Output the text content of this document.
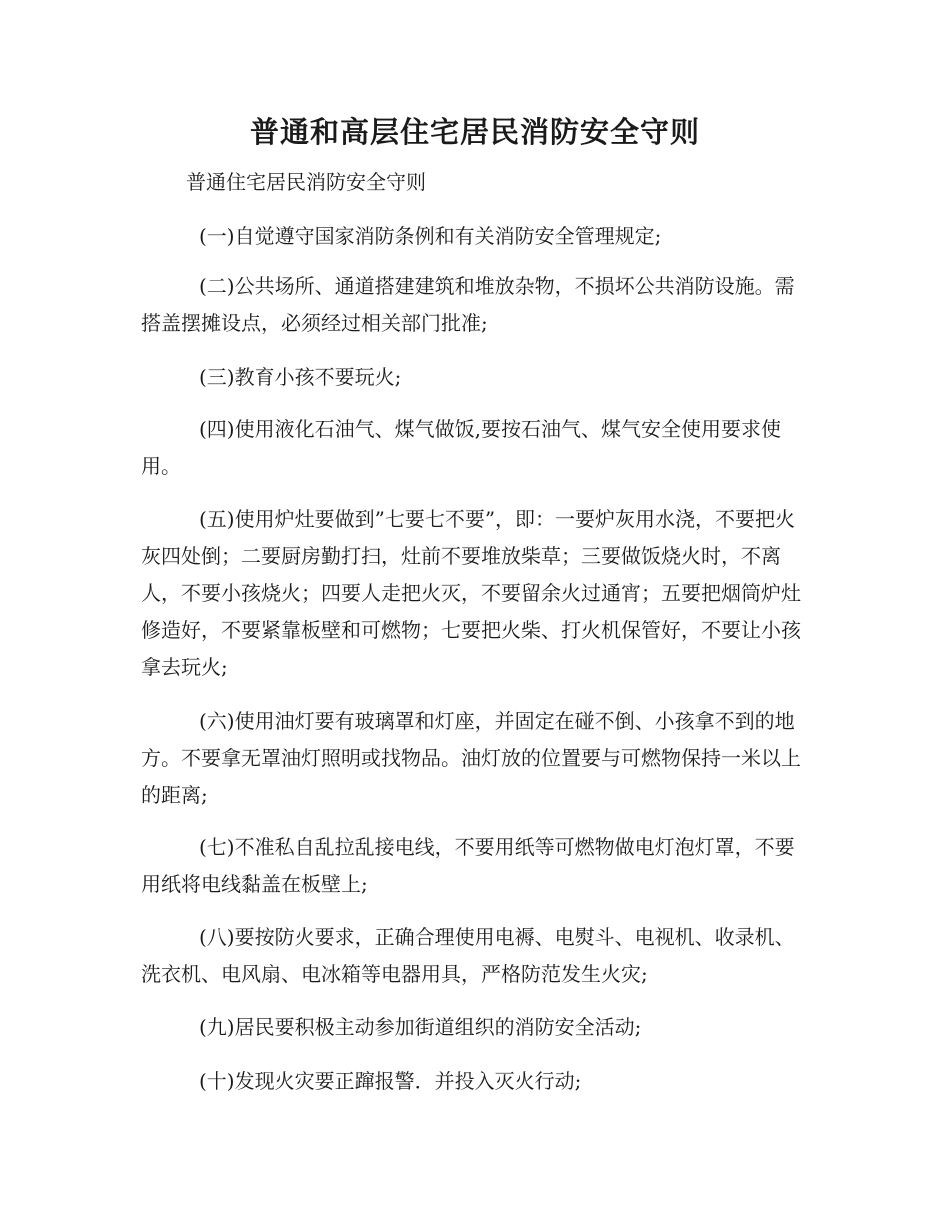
普通和高层住宅居民消防安全守则
普通住宅居民消防安全守则

(一)自觉遵守国家消防条例和有关消防安全管理规定;

(二)公共场所、通道搭建建筑和堆放杂物，不损坏公共消防设施。需搭盖摆摊设点，必须经过相关部门批准;

(三)教育小孩不要玩火;

(四)使用液化石油气、煤气做饭,要按石油气、煤气安全使用要求使用。

(五)使用炉灶要做到”七要七不要”，即：一要炉灰用水浇，不要把火灰四处倒；二要厨房勤打扫，灶前不要堆放柴草；三要做饭烧火时，不离人，不要小孩烧火；四要人走把火灭，不要留余火过通宵；五要把烟筒炉灶修造好，不要紧靠板壁和可燃物；七要把火柴、打火机保管好，不要让小孩拿去玩火;

(六)使用油灯要有玻璃罩和灯座，并固定在碰不倒、小孩拿不到的地方。不要拿无罩油灯照明或找物品。油灯放的位置要与可燃物保持一米以上的距离;

(七)不准私自乱拉乱接电线，不要用纸等可燃物做电灯泡灯罩，不要用纸将电线黏盖在板壁上;

(八)要按防火要求，正确合理使用电褥、电熨斗、电视机、收录机、洗衣机、电风扇、电冰箱等电器用具，严格防范发生火灾;

(九)居民要积极主动参加街道组织的消防安全活动;

(十)发现火灾要正蹿报警．并投入灭火行动;
